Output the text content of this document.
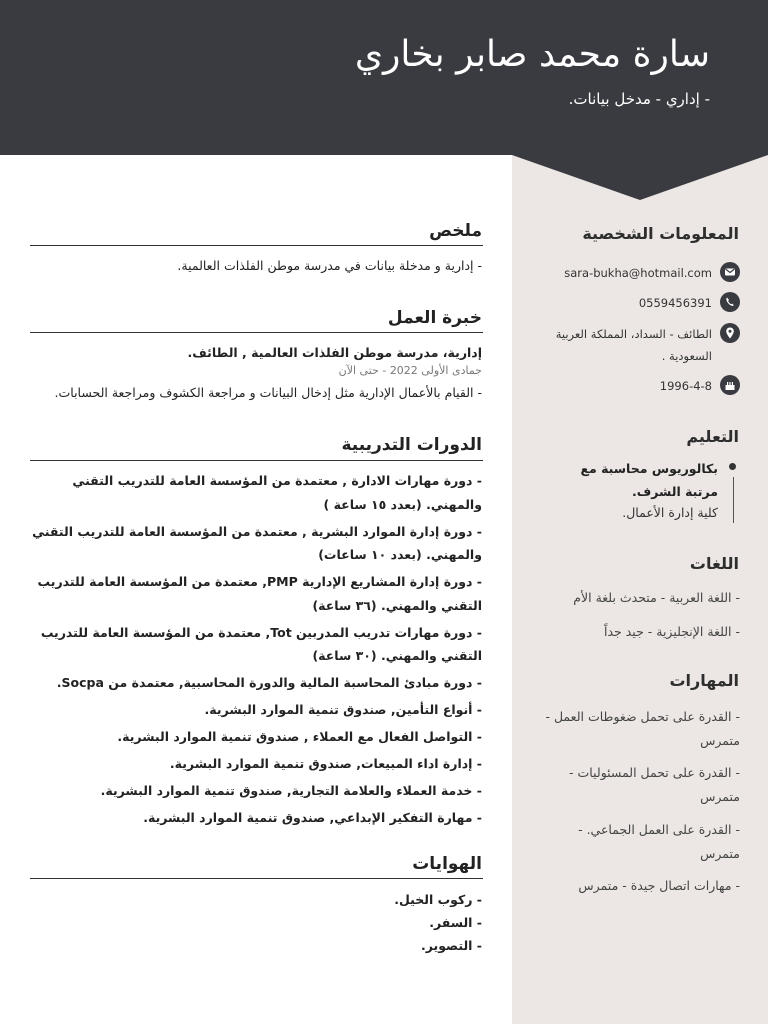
سارة محمد صابر بخاري
- إداري - مدخل بيانات.
المعلومات الشخصية
sara-bukha@hotmail.com
0559456391
الطائف - السداد، المملكة العربية السعودية .
1996-4-8
التعليم
بكالوريوس محاسبة مع مرتبة الشرف.
كلية إدارة الأعمال.
اللغات
- اللغة العربية - متحدث بلغة الأم
- اللغة الإنجليزية - جيد جداً
المهارات
- القدرة على تحمل ضغوطات العمل - متمرس
- القدرة على تحمل المسئوليات - متمرس
- القدرة على العمل الجماعي. - متمرس
- مهارات اتصال جيدة - متمرس
ملخص
- إدارية و مدخلة بيانات في مدرسة موطن الفلذات العالمية.
خبرة العمل
إدارية، مدرسة موطن الفلذات العالمية , الطائف.
جمادى الأولى 2022 - حتى الآن
- القيام بالأعمال الإدارية مثل إدخال البيانات و مراجعة الكشوف ومراجعة الحسابات.
الدورات التدريبية
- دورة مهارات الادارة , معتمدة من المؤسسة العامة للتدريب التقني والمهني. (بعدد ١٥ ساعة )
- دورة إدارة الموارد البشرية , معتمدة من المؤسسة العامة للتدريب التقني والمهني. (بعدد ١٠ ساعات)
- دورة إدارة المشاريع الإدارية PMP, معتمدة من المؤسسة العامة للتدريب التقني والمهني. (٣٦ ساعة)
- دورة مهارات تدريب المدربين Tot, معتمدة من المؤسسة العامة للتدريب التقني والمهني. (٣٠ ساعة)
- دورة مبادئ المحاسبة المالية والدورة المحاسبية, معتمدة من Socpa.
- أنواع التأمين, صندوق تنمية الموارد البشرية.
- التواصل الفعال مع العملاء , صندوق تنمية الموارد البشرية.
- إدارة اداء المبيعات, صندوق تنمية الموارد البشرية.
- خدمة العملاء والعلامة التجارية, صندوق تنمية الموارد البشرية.
- مهارة التفكير الإبداعي, صندوق تنمية الموارد البشرية.
الهوايات
- ركوب الخيل.
- السفر.
- التصوير.
